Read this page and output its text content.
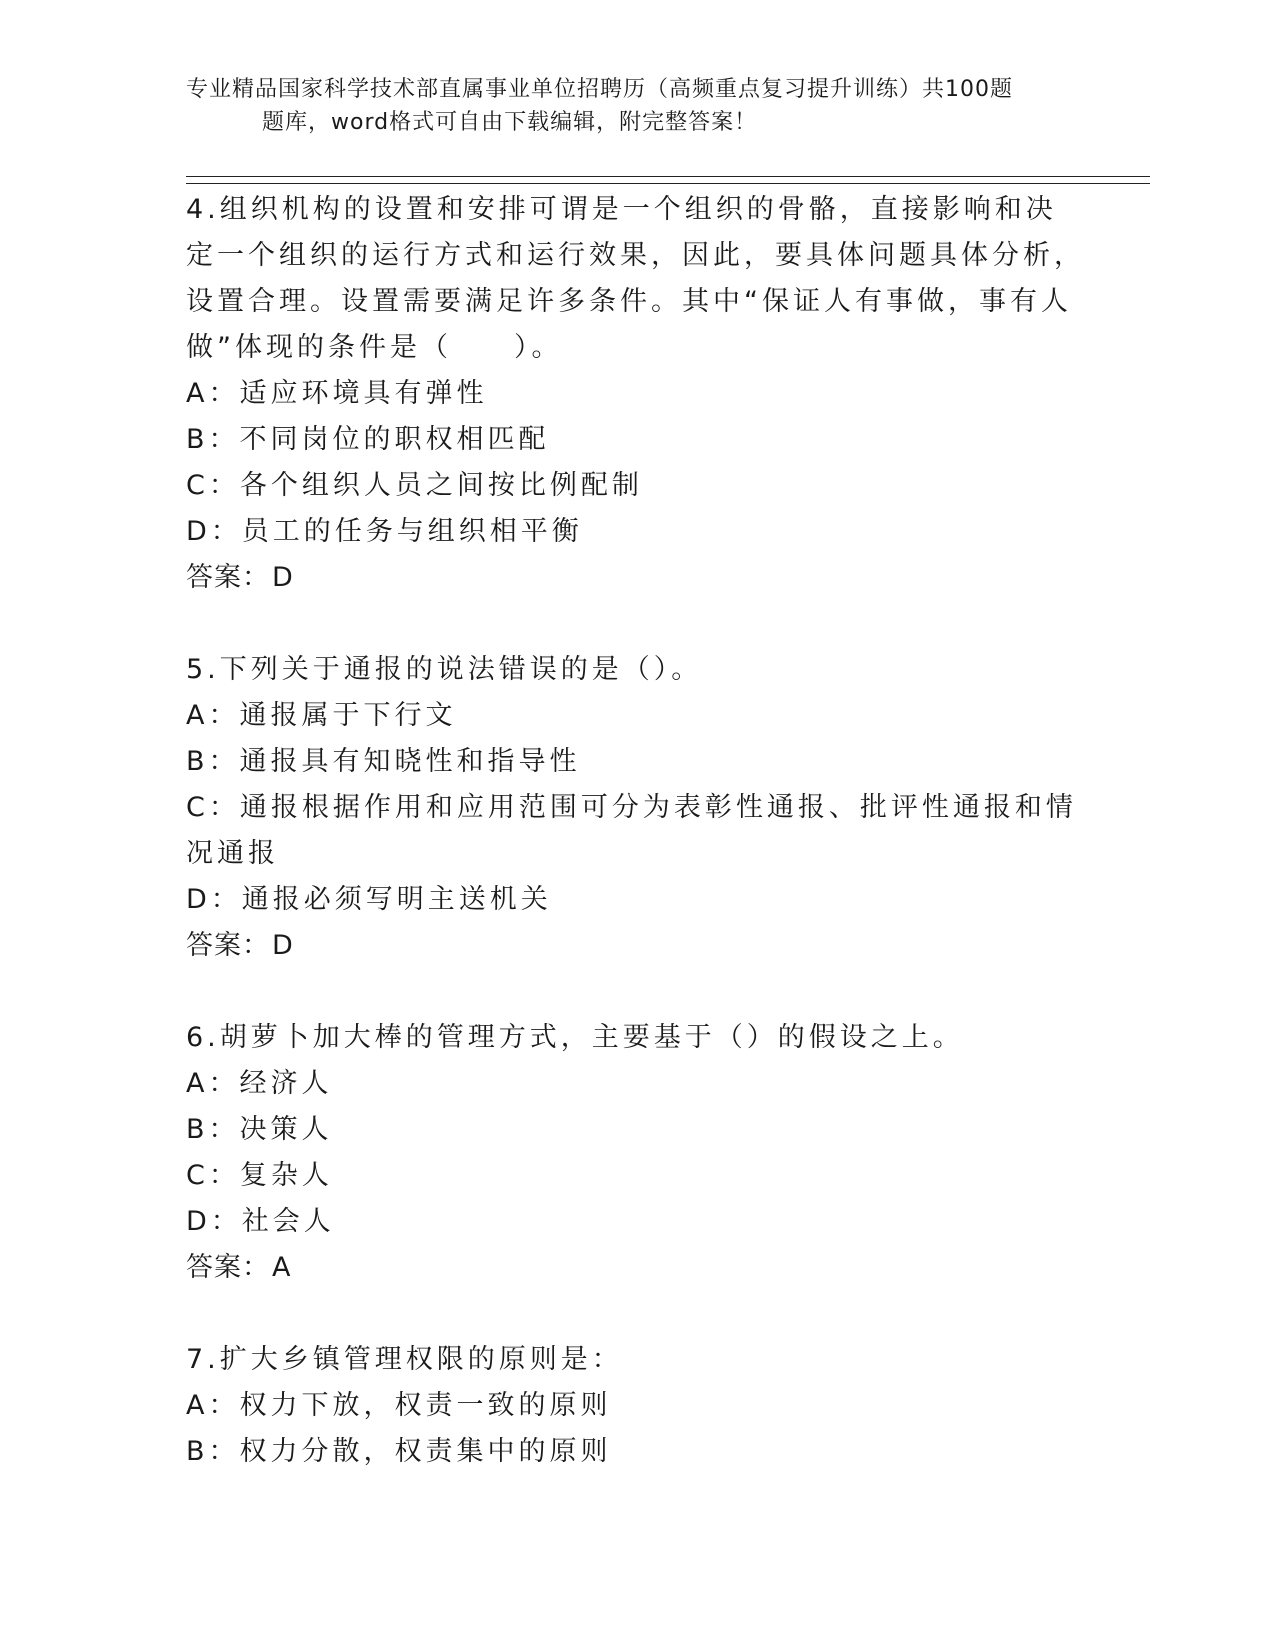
专业精品国家科学技术部直属事业单位招聘历（高频重点复习提升训练）共100题
题库，word格式可自由下载编辑，附完整答案！

4.组织机构的设置和安排可谓是一个组织的骨骼，直接影响和决定一个组织的运行方式和运行效果，因此，要具体问题具体分析，设置合理。设置需要满足许多条件。其中“保证人有事做，事有人做”体现的条件是（　　）。

A：适应环境具有弹性

B：不同岗位的职权相匹配

C：各个组织人员之间按比例配制

D：员工的任务与组织相平衡

答案：D

5.下列关于通报的说法错误的是（）。

A：通报属于下行文

B：通报具有知晓性和指导性

C：通报根据作用和应用范围可分为表彰性通报、批评性通报和情况通报

D：通报必须写明主送机关

答案：D

6.胡萝卜加大棒的管理方式，主要基于（）的假设之上。

A：经济人

B：决策人

C：复杂人

D：社会人

答案：A

7.扩大乡镇管理权限的原则是：

A：权力下放，权责一致的原则

B：权力分散，权责集中的原则
